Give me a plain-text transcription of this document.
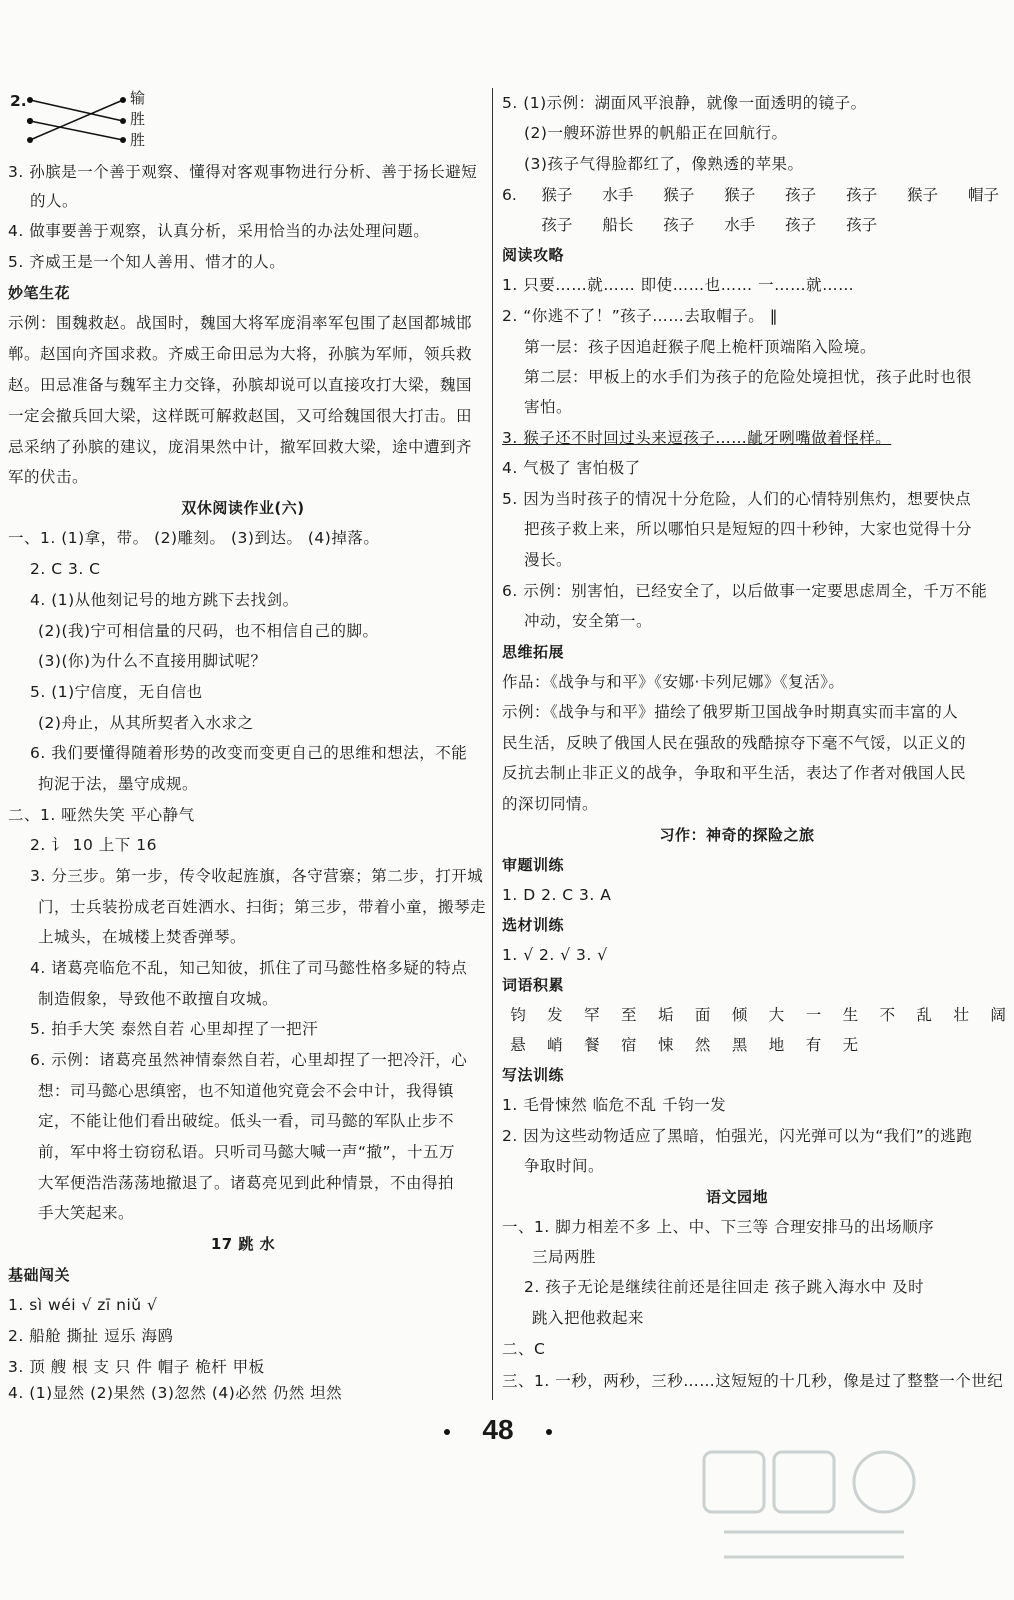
2.	输
胜
胜
3. 孙膑是一个善于观察、懂得对客观事物进行分析、善于扬长避短
的人。
4. 做事要善于观察，认真分析，采用恰当的办法处理问题。
5. 齐威王是一个知人善用、惜才的人。
妙笔生花
示例：围魏救赵。战国时，魏国大将军庞涓率军包围了赵国都城邯
郸。赵国向齐国求救。齐威王命田忌为大将，孙膑为军师，领兵救
赵。田忌准备与魏军主力交锋，孙膑却说可以直接攻打大梁，魏国
一定会撤兵回大梁，这样既可解救赵国，又可给魏国很大打击。田
忌采纳了孙膑的建议，庞涓果然中计，撤军回救大梁，途中遭到齐
军的伏击。
双休阅读作业(六)
一、1. (1)拿，带。 (2)雕刻。 (3)到达。 (4)掉落。
2. C 3. C
4. (1)从他刻记号的地方跳下去找剑。
(2)(我)宁可相信量的尺码，也不相信自己的脚。
(3)(你)为什么不直接用脚试呢？
5. (1)宁信度，无自信也
(2)舟止，从其所契者入水求之
6. 我们要懂得随着形势的改变而变更自己的思维和想法，不能
拘泥于法，墨守成规。
二、1. 哑然失笑 平心静气
2. 讠 10 上下 16
3. 分三步。第一步，传令收起旌旗，各守营寨；第二步，打开城
门，士兵装扮成老百姓洒水、扫街；第三步，带着小童，搬琴走
上城头，在城楼上焚香弹琴。
4. 诸葛亮临危不乱，知己知彼，抓住了司马懿性格多疑的特点
制造假象，导致他不敢擅自攻城。
5. 拍手大笑 泰然自若 心里却捏了一把汗
6. 示例：诸葛亮虽然神情泰然自若，心里却捏了一把冷汗，心
想：司马懿心思缜密，也不知道他究竟会不会中计，我得镇
定，不能让他们看出破绽。低头一看，司马懿的军队止步不
前，军中将士窃窃私语。只听司马懿大喊一声“撤”，十五万
大军便浩浩荡荡地撤退了。诸葛亮见到此种情景，不由得拍
手大笑起来。
17 跳 水
基础闯关
1. sì wéi √ zī niǔ √
2. 船舱 撕扯 逗乐 海鸥
3. 顶 艘 根 支 只 件 帽子 桅杆 甲板
4. (1)显然 (2)果然 (3)忽然 (4)必然 仍然 坦然
5. (1)示例：湖面风平浪静，就像一面透明的镜子。
(2)一艘环游世界的帆船正在回航行。
(3)孩子气得脸都红了，像熟透的苹果。
6. 猴子 水手 猴子 猴子 孩子 孩子 猴子 帽子
孩子 船长 孩子 水手 孩子 孩子
阅读攻略
1. 只要……就…… 即使……也…… 一……就……
2. “你逃不了！”孩子……去取帽子。 ‖
第一层：孩子因追赶猴子爬上桅杆顶端陷入险境。
第二层：甲板上的水手们为孩子的危险处境担忧，孩子此时也很
害怕。
3. 猴子还不时回过头来逗孩子……龇牙咧嘴做着怪样。
4. 气极了 害怕极了
5. 因为当时孩子的情况十分危险，人们的心情特别焦灼，想要快点
把孩子救上来，所以哪怕只是短短的四十秒钟，大家也觉得十分
漫长。
6. 示例：别害怕，已经安全了，以后做事一定要思虑周全，千万不能
冲动，安全第一。
思维拓展
作品：《战争与和平》《安娜·卡列尼娜》《复活》。
示例：《战争与和平》描绘了俄罗斯卫国战争时期真实而丰富的人
民生活，反映了俄国人民在强敌的残酷掠夺下毫不气馁，以正义的
反抗去制止非正义的战争，争取和平生活，表达了作者对俄国人民
的深切同情。
习作：神奇的探险之旅
审题训练
1. D 2. C 3. A
选材训练
1. √ 2. √ 3. √
词语积累
钧 发 罕 至 垢 面 倾 大 一 生 不 乱 壮 阔
悬 峭 餐 宿 悚 然 黑 地 有 无
写法训练
1. 毛骨悚然 临危不乱 千钧一发
2. 因为这些动物适应了黑暗，怕强光，闪光弹可以为“我们”的逃跑
争取时间。
语文园地
一、1. 脚力相差不多 上、中、下三等 合理安排马的出场顺序
三局两胜
2. 孩子无论是继续往前还是往回走 孩子跳入海水中 及时
跳入把他救起来
二、C
三、1. 一秒，两秒，三秒……这短短的十几秒，像是过了整整一个世纪
48
